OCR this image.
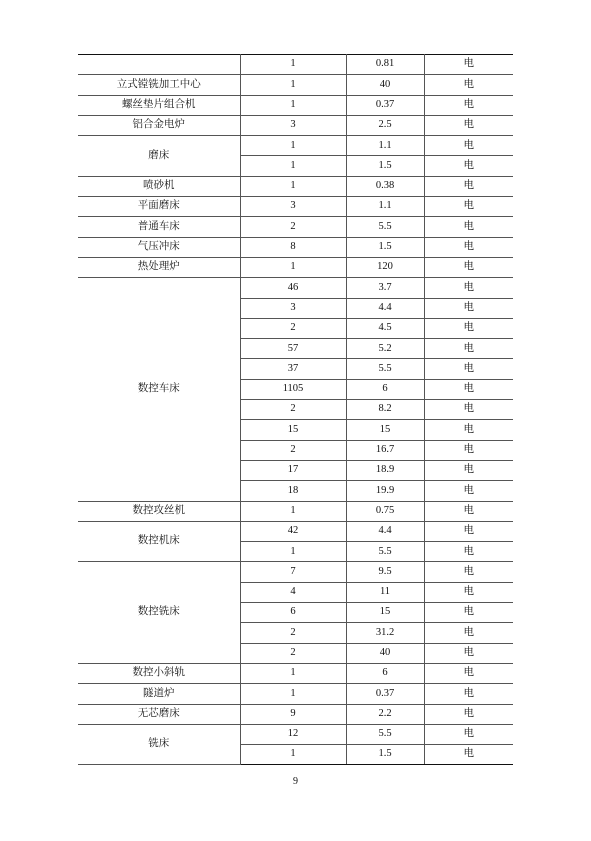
	1	0.81	电
立式镗铣加工中心	1	40	电
螺丝垫片组合机	1	0.37	电
铝合金电炉	3	2.5	电
磨床	1	1.1	电
	1	1.5	电
喷砂机	1	0.38	电
平面磨床	3	1.1	电
普通车床	2	5.5	电
气压冲床	8	1.5	电
热处理炉	1	120	电
数控车床	46	3.7	电
	3	4.4	电
	2	4.5	电
	57	5.2	电
	37	5.5	电
	1105	6	电
	2	8.2	电
	15	15	电
	2	16.7	电
	17	18.9	电
	18	19.9	电
数控攻丝机	1	0.75	电
数控机床	42	4.4	电
	1	5.5	电
数控铣床	7	9.5	电
	4	11	电
	6	15	电
	2	31.2	电
	2	40	电
数控小斜轨	1	6	电
隧道炉	1	0.37	电
无芯磨床	9	2.2	电
铣床	12	5.5	电
	1	1.5	电
9
